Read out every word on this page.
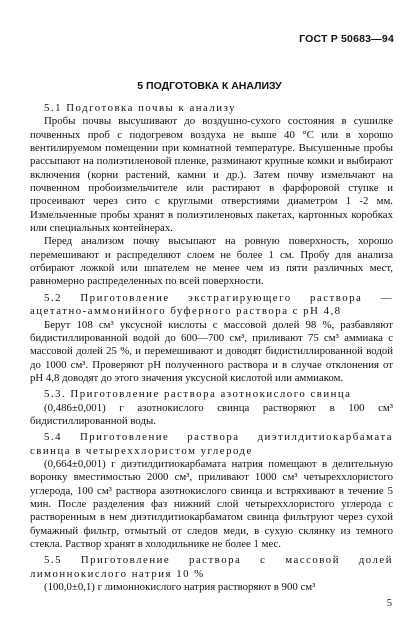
ГОСТ Р 50683—94
5 ПОДГОТОВКА К АНАЛИЗУ

5.1 Подготовка почвы к анализу

Пробы почвы высушивают до воздушно-сухого состояния в сушилке почвенных проб с подогревом воздуха не выше 40 °С или в хорошо вентилируемом помещении при комнатной температуре. Высушенные пробы рассыпают на полиэтиленовой пленке, разминают крупные комки и выбирают включения (корни растений, камни и др.). Затем почву измельчают на почвенном пробоизмельчителе или растирают в фарфоровой ступке и просеивают через сито с круглыми отверстиями диаметром 1 -2 мм. Измельченные пробы хранят в полиэтиленовых пакетах, картонных коробках или специальных контейнерах.

Перед анализом почву высыпают на ровную поверхность, хорошо перемешивают и распределяют слоем не более 1 см. Пробу для анализа отбирают ложкой или шпателем не менее чем из пяти различных мест, равномерно распределенных по всей поверхности.

5.2 Приготовление экстрагирующего раствора — ацетатно-аммонийного буферного раствора с рН 4,8

Берут 108 см³ уксусной кислоты с массовой долей 98 %, разбавляют бидистиллированной водой до 600—700 см³, приливают 75 см³ аммиака с массовой долей 25 %, и перемешивают и доводят бидистиллированной водой до 1000 см³. Проверяют рН полученного раствора и в случае отклонения от рН 4,8 доводят до этого значения уксусной кислотой или аммиаком.

5.3. Приготовление раствора азотнокислого свинца

(0,486±0,001) г азотнокислого свинца растворяют в 100 см³ бидистиллированной воды.

5.4 Приготовление раствора диэтилдитиокарбамата свинца в четыреххлористом углероде

(0,664±0,001) г диэтилдитиокарбамата натрия помещают в делительную воронку вместимостью 2000 см³, приливают 1000 см³ четыреххлористого углерода, 100 см³ раствора азотнокислого свинца и встряхивают в течение 5 мин. После разделения фаз нижний слой четыреххлористого углерода с растворенным в нем диэтилдитиокарбаматом свинца фильтруют через сухой бумажный фильтр, отмытый от следов меди, в сухую склянку из темного стекла. Раствор хранят в холодильнике не более 1 мес.

5.5 Приготовление раствора с массовой долей лимоннокислого натрия 10 %

(100,0±0,1) г лимоннокислого натрия растворяют в 900 см³

5
